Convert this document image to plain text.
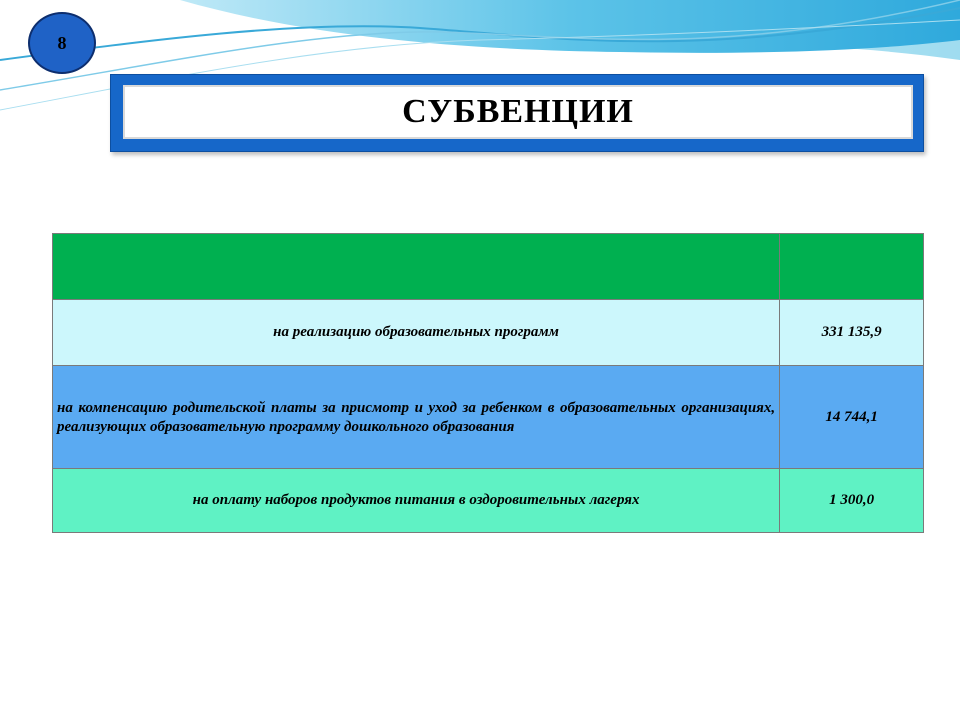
8
СУБВЕНЦИИ

на реализацию образовательных программ	331 135,9
на компенсацию родительской платы за присмотр и уход за ребенком в образовательных организациях, реализующих образовательную программу дошкольного образования	14 744,1
на оплату наборов продуктов питания в оздоровительных лагерях	1 300,0
